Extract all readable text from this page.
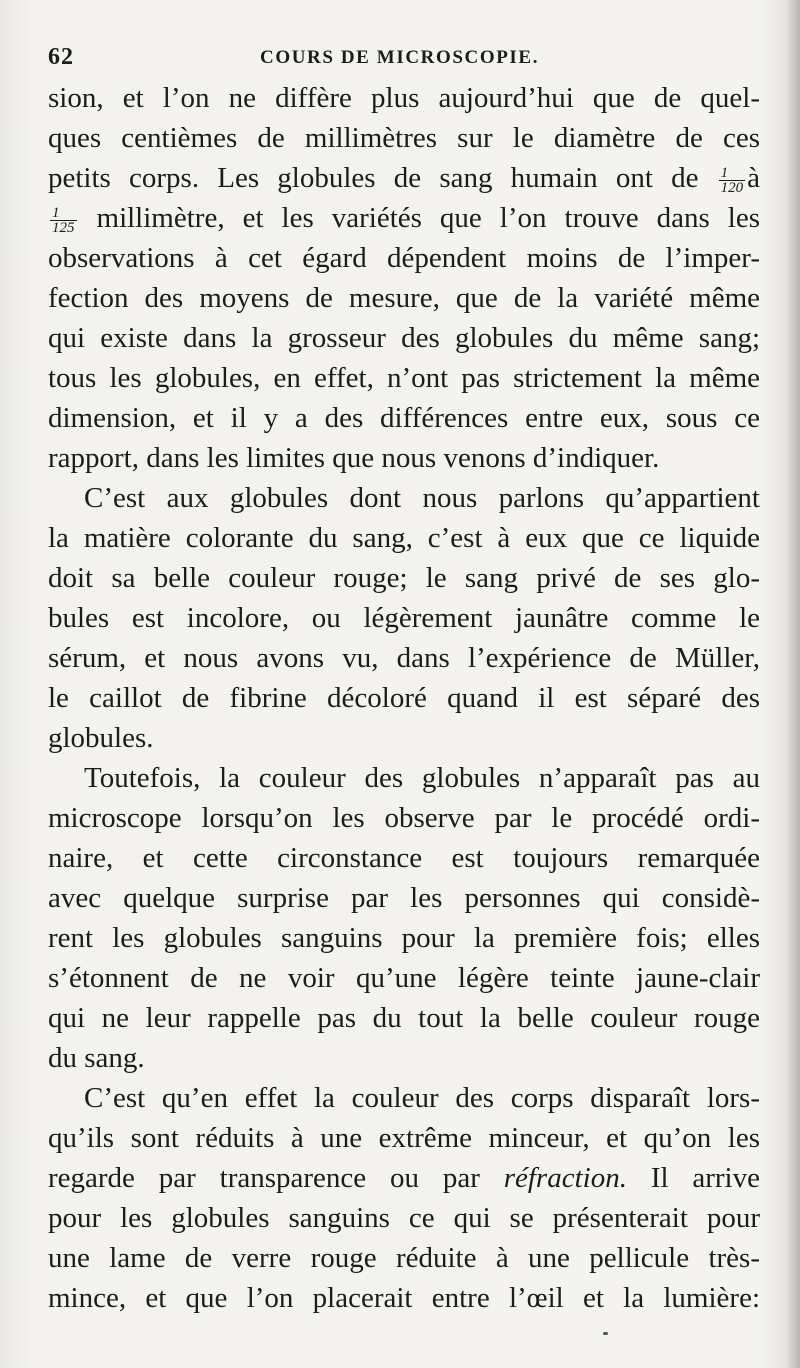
62	COURS DE MICROSCOPIE.
sion, et l’on ne diffère plus aujourd’hui que de quel-
ques centièmes de millimètres sur le diamètre de ces
petits corps. Les globules de sang humain ont de $\frac{1}{120}$ à
$\frac{1}{125}$ millimètre, et les variétés que l’on trouve dans les
observations à cet égard dépendent moins de l’imper-
fection des moyens de mesure, que de la variété même
qui existe dans la grosseur des globules du même sang;
tous les globules, en effet, n’ont pas strictement la même
dimension, et il y a des différences entre eux, sous ce
rapport, dans les limites que nous venons d’indiquer.
C’est aux globules dont nous parlons qu’appartient
la matière colorante du sang, c’est à eux que ce liquide
doit sa belle couleur rouge; le sang privé de ses glo-
bules est incolore, ou légèrement jaunâtre comme le
sérum, et nous avons vu, dans l’expérience de Müller,
le caillot de fibrine décoloré quand il est séparé des
globules.
Toutefois, la couleur des globules n’apparaît pas au
microscope lorsqu’on les observe par le procédé ordi-
naire, et cette circonstance est toujours remarquée
avec quelque surprise par les personnes qui considè-
rent les globules sanguins pour la première fois; elles
s’étonnent de ne voir qu’une légère teinte jaune-clair
qui ne leur rappelle pas du tout la belle couleur rouge
du sang.
C’est qu’en effet la couleur des corps disparaît lors-
qu’ils sont réduits à une extrême minceur, et qu’on les
regarde par transparence ou par réfraction. Il arrive
pour les globules sanguins ce qui se présenterait pour
une lame de verre rouge réduite à une pellicule très-
mince, et que l’on placerait entre l’œil et la lumière:
